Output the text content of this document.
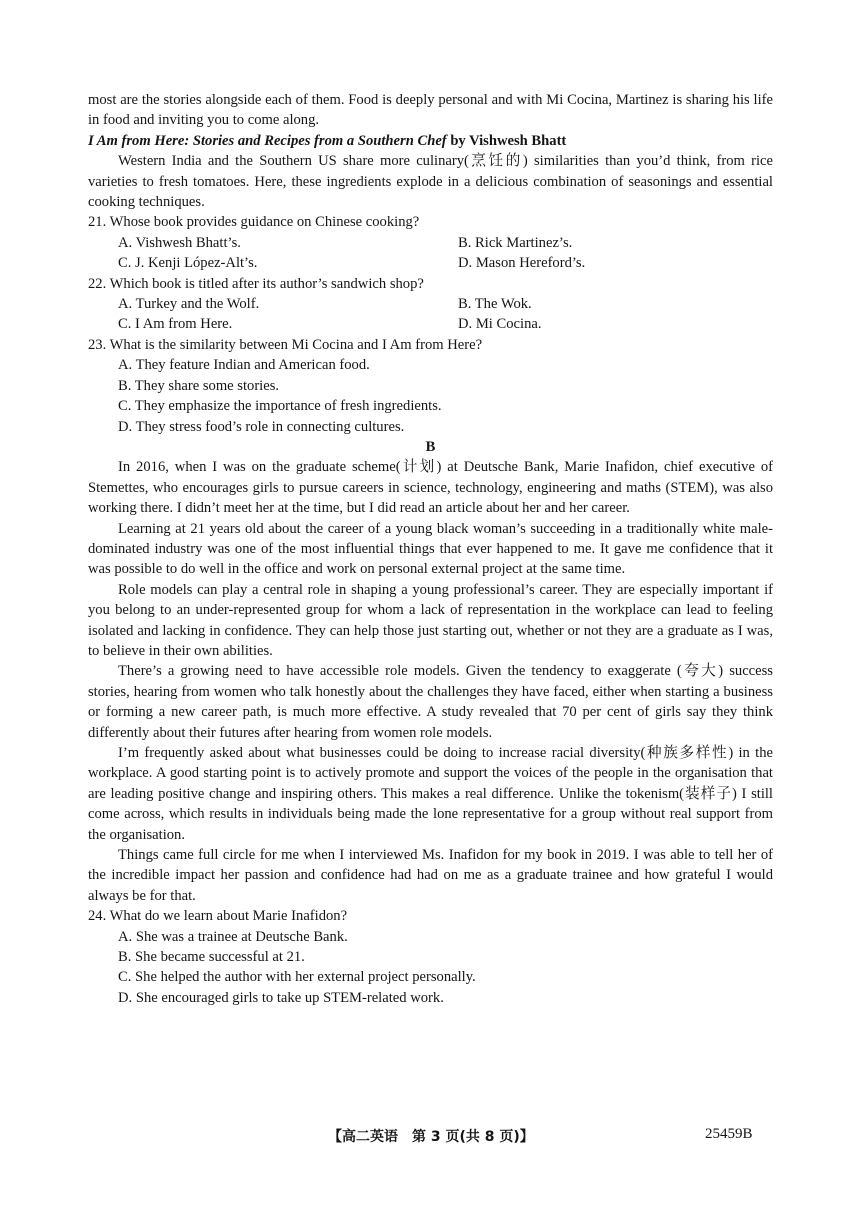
most are the stories alongside each of them. Food is deeply personal and with Mi Cocina, Martinez is sharing his life in food and inviting you to come along.

I Am from Here: Stories and Recipes from a Southern Chef by Vishwesh Bhatt

Western India and the Southern US share more culinary(烹饪的) similarities than you’d think, from rice varieties to fresh tomatoes. Here, these ingredients explode in a delicious combination of seasonings and essential cooking techniques.

21. Whose book provides guidance on Chinese cooking?

A. Vishwesh Bhatt’s.	B. Rick Martinez’s.
C. J. Kenji López-Alt’s.	D. Mason Hereford’s.

22. Which book is titled after its author’s sandwich shop?

A. Turkey and the Wolf.	B. The Wok.
C. I Am from Here.	D. Mi Cocina.

23. What is the similarity between Mi Cocina and I Am from Here?

A. They feature Indian and American food.
B. They share some stories.
C. They emphasize the importance of fresh ingredients.
D. They stress food’s role in connecting cultures.

B

In 2016, when I was on the graduate scheme(计划) at Deutsche Bank, Marie Inafidon, chief executive of Stemettes, who encourages girls to pursue careers in science, technology, engineering and maths (STEM), was also working there. I didn’t meet her at the time, but I did read an article about her and her career.

Learning at 21 years old about the career of a young black woman’s succeeding in a traditionally white male-dominated industry was one of the most influential things that ever happened to me. It gave me confidence that it was possible to do well in the office and work on personal external project at the same time.

Role models can play a central role in shaping a young professional’s career. They are especially important if you belong to an under-represented group for whom a lack of representation in the workplace can lead to feeling isolated and lacking in confidence. They can help those just starting out, whether or not they are a graduate as I was, to believe in their own abilities.

There’s a growing need to have accessible role models. Given the tendency to exaggerate (夸大) success stories, hearing from women who talk honestly about the challenges they have faced, either when starting a business or forming a new career path, is much more effective. A study revealed that 70 per cent of girls say they think differently about their futures after hearing from women role models.

I’m frequently asked about what businesses could be doing to increase racial diversity(种族多样性) in the workplace. A good starting point is to actively promote and support the voices of the people in the organisation that are leading positive change and inspiring others. This makes a real difference. Unlike the tokenism(装样子) I still come across, which results in individuals being made the lone representative for a group without real support from the organisation.

Things came full circle for me when I interviewed Ms. Inafidon for my book in 2019. I was able to tell her of the incredible impact her passion and confidence had had on me as a graduate trainee and how grateful I would always be for that.

24. What do we learn about Marie Inafidon?

A. She was a trainee at Deutsche Bank.
B. She became successful at 21.
C. She helped the author with her external project personally.
D. She encouraged girls to take up STEM-related work.
【高二英语　第 3 页(共 8 页)】	25459B
